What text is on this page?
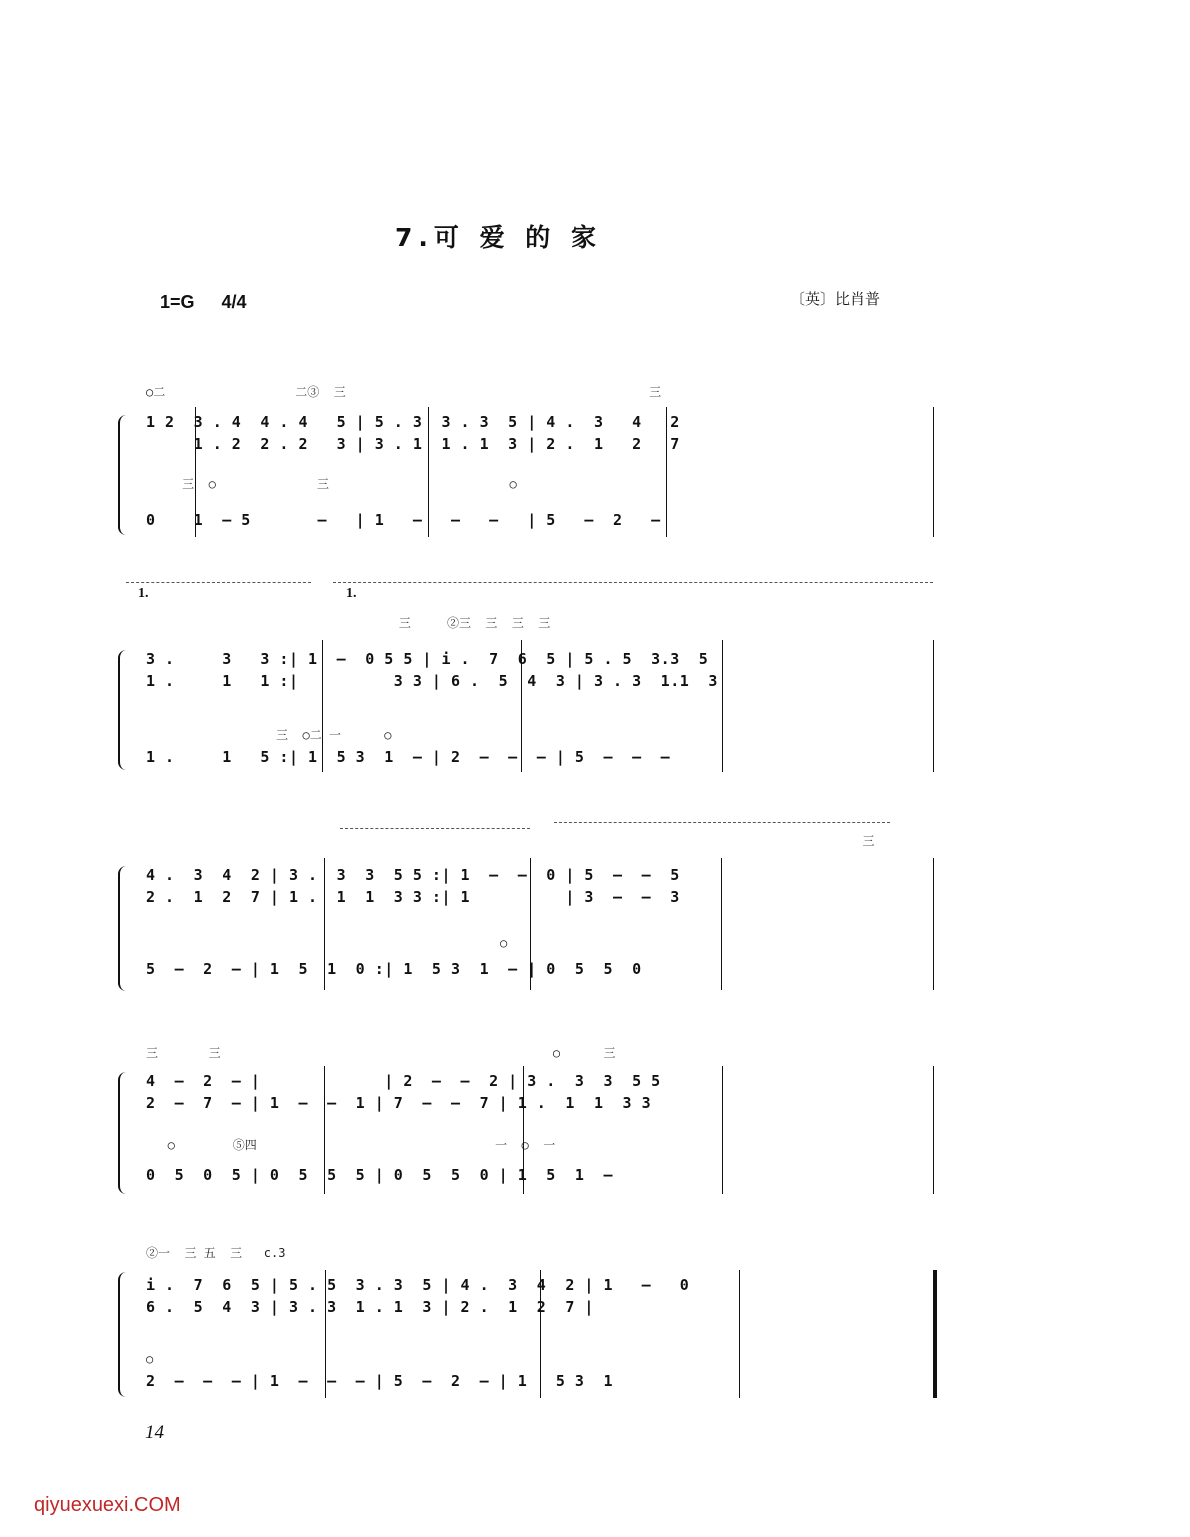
7.可 爱 的 家
1=G 4/4	〔英〕比肖普
○二                  二③  三                                          三
1 2  3 . 4  4 . 4   5 | 5 . 3  3 . 3  5 | 4 .  3   4   2
1 . 2  2 . 2   3 | 3 . 1  1 . 1  3 | 2 .  1   2   7
三  ○              三                         ○
0    1  — 5       —   | 1   —   —   —   | 5   —  2   —
1.	1.
三     ②三  三  三  三
3 .     3   3 :| 1  —  0 5 5 | i .  7  6  5 | 5 . 5  3.3  5
1 .     1   1 :|          3 3 | 6 .  5  4  3 | 3 . 3  1.1  3
三  ○二 一      ○
1 .     1   5 :| 1  5 3  1  — | 2  —  —  — | 5  —  —  —
三
4 .  3  4  2 | 3 .  3  3  5 5 :| 1  —  —  0 | 5  —  —  5
2 .  1  2  7 | 1 .  1  1  3 3 :| 1          | 3  —  —  3
○
5  —  2  — | 1  5  1  0 :| 1  5 3  1  — | 0  5  5  0
三       三                                              ○      三
4  —  2  — |             | 2  —  —  2 | 3 .  3  3  5 5
2  —  7  — | 1  —  —  1 | 7  —  —  7 | 1 .  1  1  3 3
○        ⑤四                                 一  ○  一
0  5  0  5 | 0  5  5  5 | 0  5  5  0 | 1  5  1  —
②一  三 五  三   c.3
i .  7  6  5 | 5 . 5  3 . 3  5 | 4 .  3  4  2 | 1   —   0
6 .  5  4  3 | 3 . 3  1 . 1  3 | 2 .  1  2  7 |
○
2  —  —  — | 1  —  —  — | 5  —  2  — | 1   5 3  1
14
qiyuexuexi.COM
